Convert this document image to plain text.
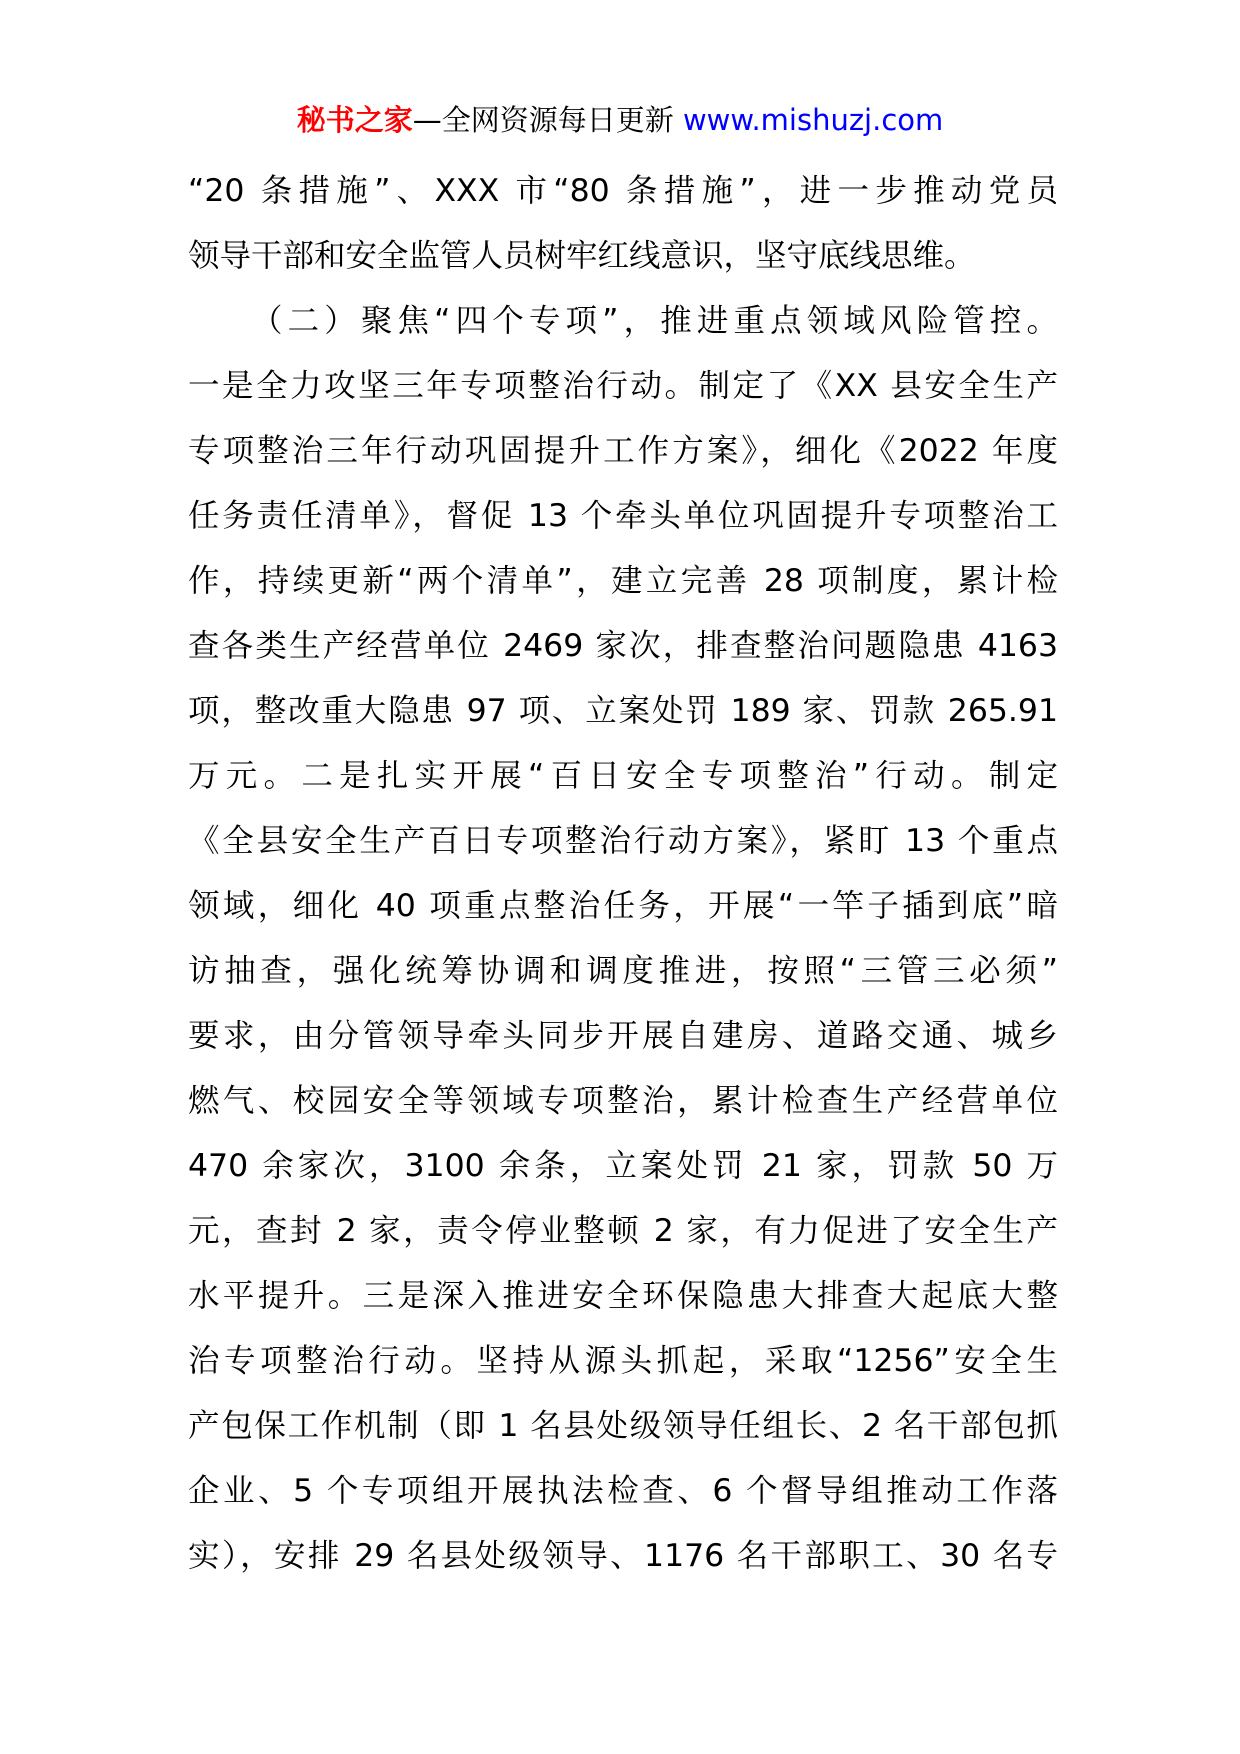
秘书之家—全网资源每日更新 www.mishuzj.com
“20 条措施”、XXX 市“80 条措施”，进一步推动党员
领导干部和安全监管人员树牢红线意识，坚守底线思维。
（二）聚焦“四个专项”，推进重点领域风险管控。
一是全力攻坚三年专项整治行动。制定了《XX 县安全生产
专项整治三年行动巩固提升工作方案》，细化《2022 年度
任务责任清单》，督促 13 个牵头单位巩固提升专项整治工
作，持续更新“两个清单”，建立完善 28 项制度，累计检
查各类生产经营单位 2469 家次，排查整治问题隐患 4163
项，整改重大隐患 97 项、立案处罚 189 家、罚款 265.91
万元。二是扎实开展“百日安全专项整治”行动。制定
《全县安全生产百日专项整治行动方案》，紧盯 13 个重点
领域，细化 40 项重点整治任务，开展“一竿子插到底”暗
访抽查，强化统筹协调和调度推进，按照“三管三必须”
要求，由分管领导牵头同步开展自建房、道路交通、城乡
燃气、校园安全等领域专项整治，累计检查生产经营单位
470 余家次，3100 余条，立案处罚 21 家，罚款 50 万
元，查封 2 家，责令停业整顿 2 家，有力促进了安全生产
水平提升。三是深入推进安全环保隐患大排查大起底大整
治专项整治行动。坚持从源头抓起，采取“1256”安全生
产包保工作机制（即 1 名县处级领导任组长、2 名干部包抓
企业、5 个专项组开展执法检查、6 个督导组推动工作落
实），安排 29 名县处级领导、1176 名干部职工、30 名专
